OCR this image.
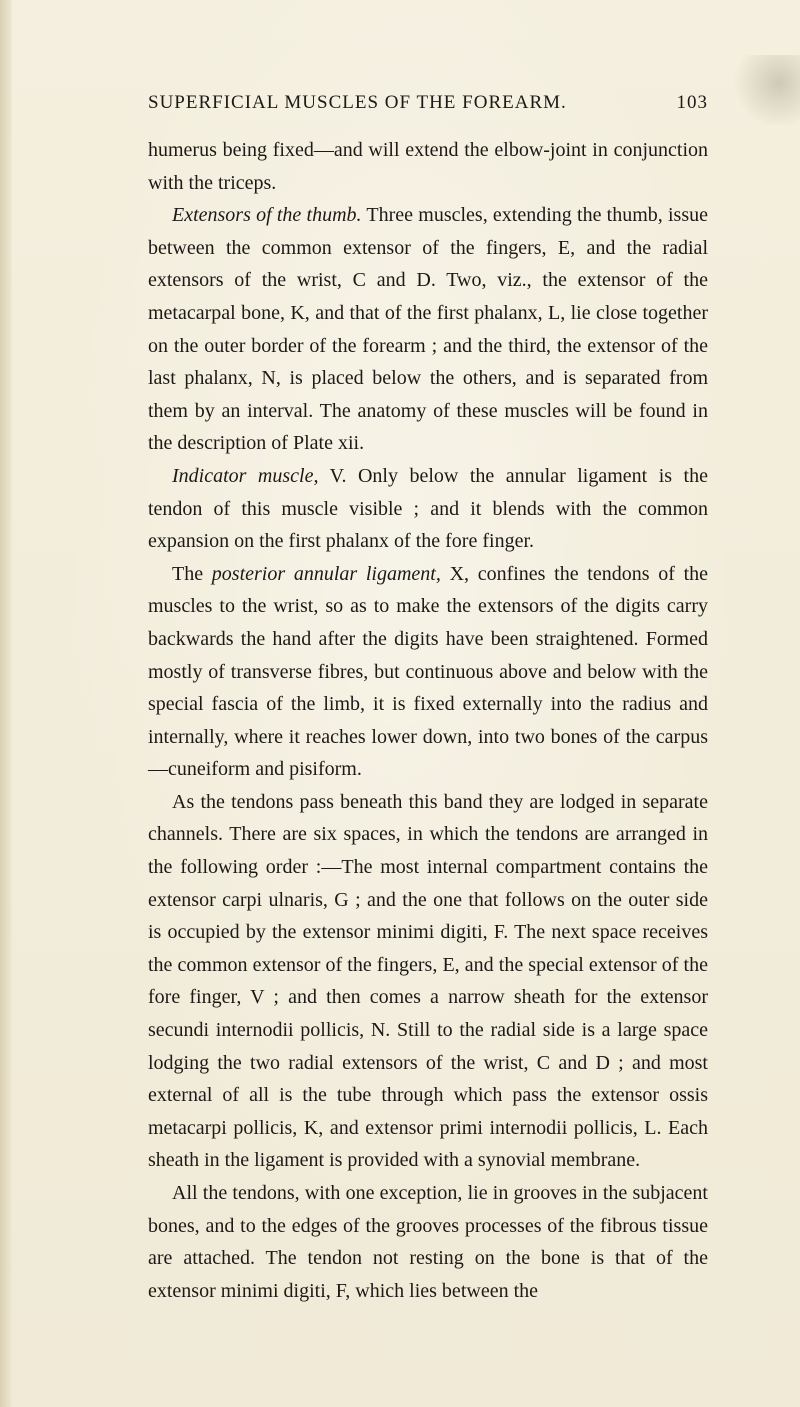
SUPERFICIAL MUSCLES OF THE FOREARM.	103

humerus being fixed—and will extend the elbow-joint in conjunction with the triceps.

Extensors of the thumb. Three muscles, extending the thumb, issue between the common extensor of the fingers, E, and the radial extensors of the wrist, C and D. Two, viz., the extensor of the metacarpal bone, K, and that of the first phalanx, L, lie close together on the outer border of the forearm ; and the third, the extensor of the last phalanx, N, is placed below the others, and is separated from them by an interval. The anatomy of these muscles will be found in the description of Plate xii.

Indicator muscle, V. Only below the annular ligament is the tendon of this muscle visible ; and it blends with the common expansion on the first phalanx of the fore finger.

The posterior annular ligament, X, confines the tendons of the muscles to the wrist, so as to make the extensors of the digits carry backwards the hand after the digits have been straightened. Formed mostly of transverse fibres, but continuous above and below with the special fascia of the limb, it is fixed externally into the radius and internally, where it reaches lower down, into two bones of the carpus—cuneiform and pisiform.

As the tendons pass beneath this band they are lodged in separate channels. There are six spaces, in which the tendons are arranged in the following order :—The most internal compartment contains the extensor carpi ulnaris, G ; and the one that follows on the outer side is occupied by the extensor minimi digiti, F. The next space receives the common extensor of the fingers, E, and the special extensor of the fore finger, V ; and then comes a narrow sheath for the extensor secundi internodii pollicis, N. Still to the radial side is a large space lodging the two radial extensors of the wrist, C and D ; and most external of all is the tube through which pass the extensor ossis metacarpi pollicis, K, and extensor primi internodii pollicis, L. Each sheath in the ligament is provided with a synovial membrane.

All the tendons, with one exception, lie in grooves in the subjacent bones, and to the edges of the grooves processes of the fibrous tissue are attached. The tendon not resting on the bone is that of the extensor minimi digiti, F, which lies between the
